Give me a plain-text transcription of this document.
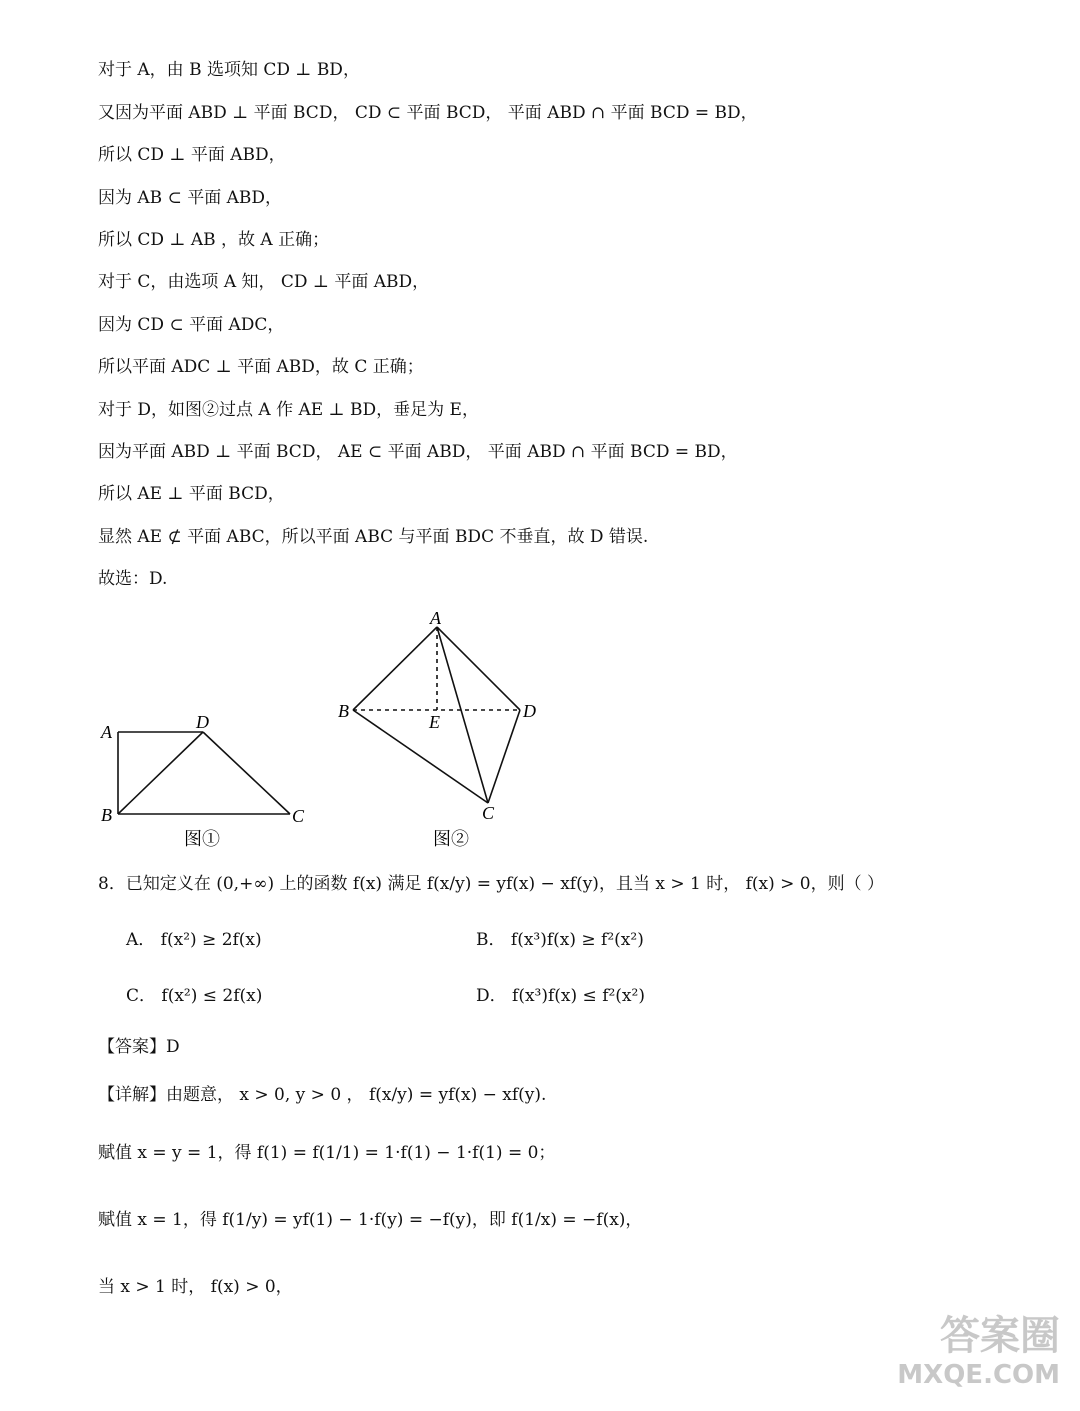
对于 A，由 B 选项知 CD ⊥ BD，
又因为平面 ABD ⊥ 平面 BCD， CD ⊂ 平面 BCD， 平面 ABD ∩ 平面 BCD = BD，
所以 CD ⊥ 平面 ABD，
因为 AB ⊂ 平面 ABD，
所以 CD ⊥ AB ，故 A 正确；
对于 C，由选项 A 知， CD ⊥ 平面 ABD，
因为 CD ⊂ 平面 ADC，
所以平面 ADC ⊥ 平面 ABD，故 C 正确；
对于 D，如图②过点 A 作 AE ⊥ BD，垂足为 E，
因为平面 ABD ⊥ 平面 BCD， AE ⊂ 平面 ABD， 平面 ABD ∩ 平面 BCD = BD，
所以 AE ⊥ 平面 BCD，
显然 AE ⊄ 平面 ABC，所以平面 ABC 与平面 BDC 不垂直，故 D 错误.
故选：D.
A
B	C
D
图①
A
B
C
D
E
图②
8．已知定义在 (0,+∞) 上的函数 f(x) 满足 f(x/y) = yf(x) − xf(y)，且当 x > 1 时， f(x) > 0，则（ ）
A． f(x²) ≥ 2f(x)	B． f(x³)f(x) ≥ f²(x²)
C． f(x²) ≤ 2f(x)	D． f(x³)f(x) ≤ f²(x²)
【答案】D
【详解】由题意， x > 0, y > 0 ， f(x/y) = yf(x) − xf(y).
赋值 x = y = 1，得 f(1) = f(1/1) = 1·f(1) − 1·f(1) = 0；
赋值 x = 1，得 f(1/y) = yf(1) − 1·f(y) = −f(y)，即 f(1/x) = −f(x)，
当 x > 1 时， f(x) > 0，
答案圈
MXQE.COM
